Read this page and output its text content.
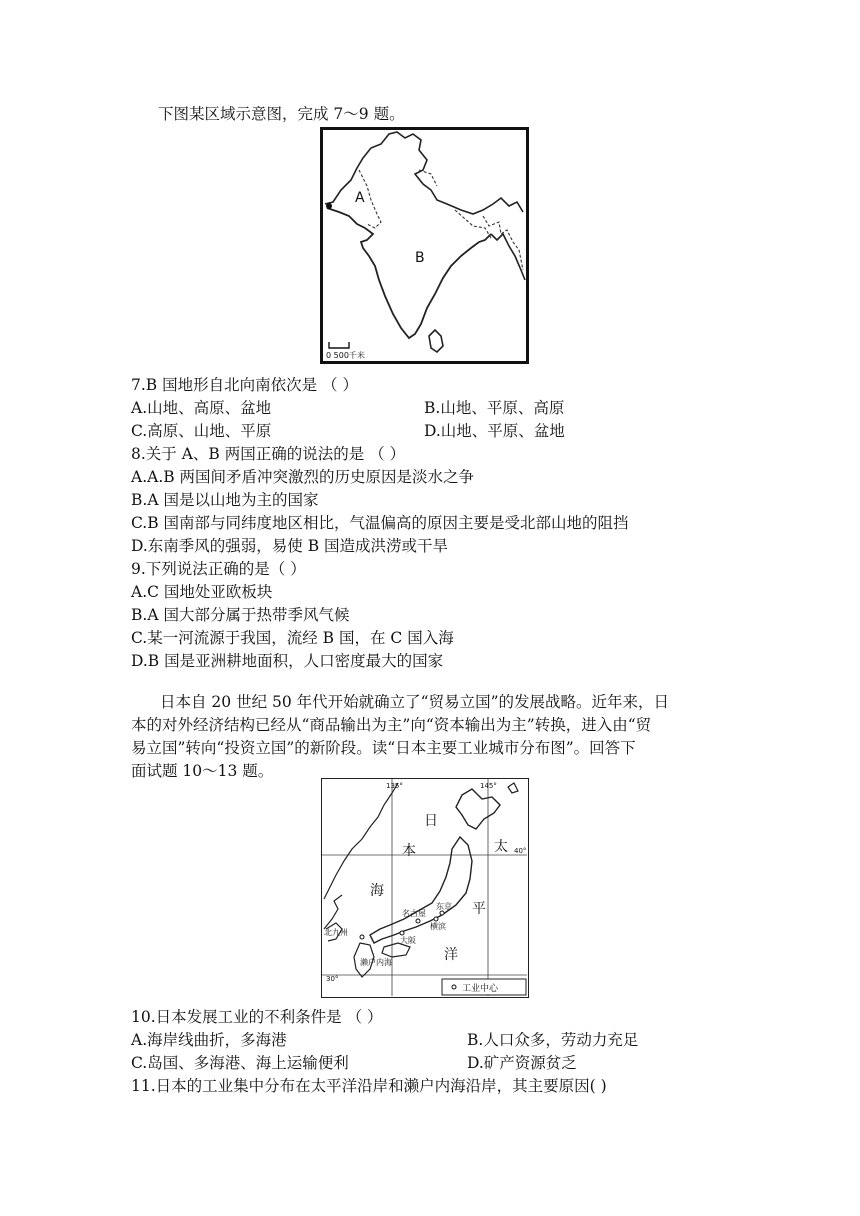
下图某区域示意图，完成 7～9 题。
A
B
0 500千米
7.B 国地形自北向南依次是 （ ）
A.山地、高原、盆地	B.山地、平原、高原
C.高原、山地、平原	D.山地、平原、盆地
8.关于 A、B 两国正确的说法的是 （ ）
A.A.B 两国间矛盾冲突激烈的历史原因是淡水之争
B.A 国是以山地为主的国家
C.B 国南部与同纬度地区相比，气温偏高的原因主要是受北部山地的阻挡
D.东南季风的强弱，易使 B 国造成洪涝或干旱
9.下列说法正确的是（ ）
A.C 国地处亚欧板块
B.A 国大部分属于热带季风气候
C.某一河流源于我国，流经 B 国，在 C 国入海
D.B 国是亚洲耕地面积，人口密度最大的国家
日本自 20 世纪 50 年代开始就确立了“贸易立国”的发展战略。近年来，日
本的对外经济结构已经从“商品输出为主”向“资本输出为主”转换，进入由“贸
易立国”转向“投资立国”的新阶段。读“日本主要工业城市分布图”。回答下
面试题 10～13 题。
135°	145°
40°
30°
日
本
海
太
平
洋
名古屋
东京
横滨
大阪
北九州
濑户内海
工业中心
10.日本发展工业的不利条件是 （ ）
A.海岸线曲折，多海港	B.人口众多，劳动力充足
C.岛国、多海港、海上运输便利	D.矿产资源贫乏
11.日本的工业集中分布在太平洋沿岸和濑户内海沿岸，其主要原因( )
